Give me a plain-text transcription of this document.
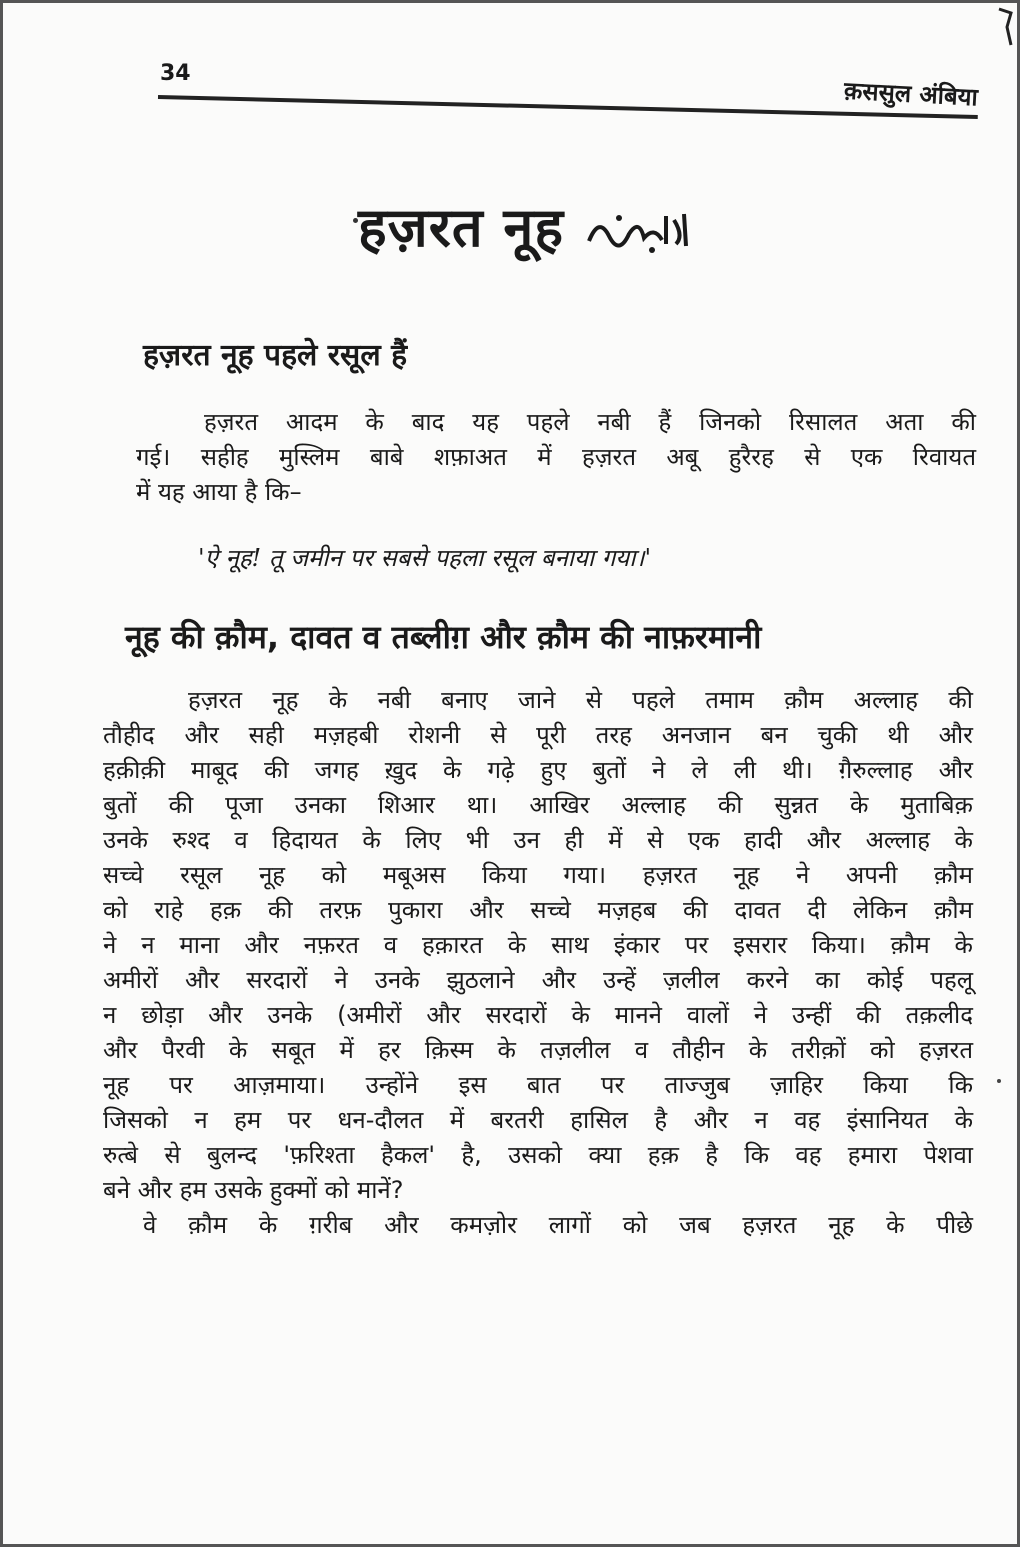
34
क़ससुल अंबिया
हज़रत नूह
हज़रत नूह पहले रसूल हैं
हज़रत आदम के बाद यह पहले नबी हैं जिनको रिसालत अता की
गई। सहीह मुस्लिम बाबे शफ़ाअत में हज़रत अबू हुरैरह से एक रिवायत
में यह आया है कि–
'ऐ नूह! तू जमीन पर सबसे पहला रसूल बनाया गया।'
नूह की क़ौम, दावत व तब्लीग़ और क़ौम की नाफ़रमानी
हज़रत नूह के नबी बनाए जाने से पहले तमाम क़ौम अल्लाह की
तौहीद और सही मज़हबी रोशनी से पूरी तरह अनजान बन चुकी थी और
हक़ीक़ी माबूद की जगह ख़ुद के गढ़े हुए बुतों ने ले ली थी। ग़ैरुल्लाह और
बुतों की पूजा उनका शिआर था। आखिर अल्लाह की सुन्नत के मुताबिक़
उनके रुश्द व हिदायत के लिए भी उन ही में से एक हादी और अल्लाह के
सच्चे रसूल नूह को मबूअस किया गया। हज़रत नूह ने अपनी क़ौम
को राहे हक़ की तरफ़ पुकारा और सच्चे मज़हब की दावत दी लेकिन क़ौम
ने न माना और नफ़रत व हक़ारत के साथ इंकार पर इसरार किया। क़ौम के
अमीरों और सरदारों ने उनके झुठलाने और उन्हें ज़लील करने का कोई पहलू
न छोड़ा और उनके (अमीरों और सरदारों के मानने वालों ने उन्हीं की तक़लीद
और पैरवी के सबूत में हर क़िस्म के तज़लील व तौहीन के तरीक़ों को हज़रत
नूह पर आज़माया। उन्होंने इस बात पर ताज्जुब ज़ाहिर किया कि
जिसको न हम पर धन-दौलत में बरतरी हासिल है और न वह इंसानियत के
रुत्बे से बुलन्द 'फ़रिश्ता हैकल' है, उसको क्या हक़ है कि वह हमारा पेशवा
बने और हम उसके हुक्मों को मानें?
वे क़ौम के ग़रीब और कमज़ोर लागों को जब हज़रत नूह के पीछे
